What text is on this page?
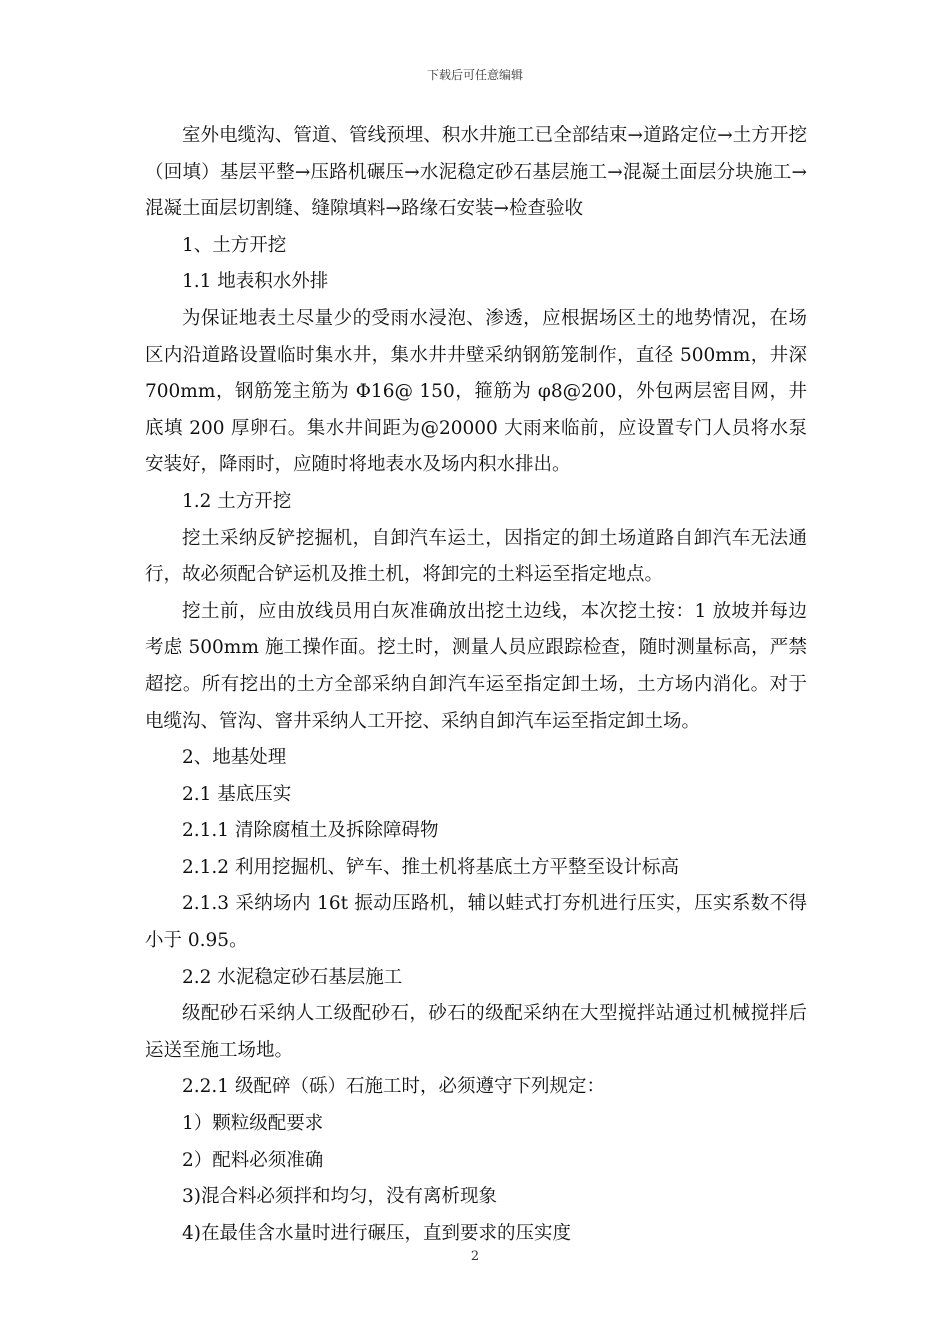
下载后可任意编辑

室外电缆沟、管道、管线预埋、积水井施工已全部结束→道路定位→土方开挖（回填）基层平整→压路机碾压→水泥稳定砂石基层施工→混凝土面层分块施工→混凝土面层切割缝、缝隙填料→路缘石安装→检查验收

1、土方开挖

1.1 地表积水外排

为保证地表土尽量少的受雨水浸泡、渗透，应根据场区土的地势情况，在场区内沿道路设置临时集水井，集水井井壁采纳钢筋笼制作，直径 500mm，井深 700mm，钢筋笼主筋为 Φ16@ 150，箍筋为 φ8@200，外包两层密目网，井底填 200 厚卵石。集水井间距为@20000 大雨来临前，应设置专门人员将水泵安装好，降雨时，应随时将地表水及场内积水排出。

1.2 土方开挖

挖土采纳反铲挖掘机，自卸汽车运土，因指定的卸土场道路自卸汽车无法通行，故必须配合铲运机及推土机，将卸完的土料运至指定地点。

挖土前，应由放线员用白灰准确放出挖土边线，本次挖土按：1 放坡并每边考虑 500mm 施工操作面。挖土时，测量人员应跟踪检查，随时测量标高，严禁超挖。所有挖出的土方全部采纳自卸汽车运至指定卸土场，土方场内消化。对于电缆沟、管沟、窨井采纳人工开挖、采纳自卸汽车运至指定卸土场。

2、地基处理

2.1 基底压实

2.1.1 清除腐植土及拆除障碍物

2.1.2 利用挖掘机、铲车、推土机将基底土方平整至设计标高

2.1.3 采纳场内 16t 振动压路机，辅以蛙式打夯机进行压实，压实系数不得小于 0.95。

2.2 水泥稳定砂石基层施工

级配砂石采纳人工级配砂石，砂石的级配采纳在大型搅拌站通过机械搅拌后运送至施工场地。

2.2.1 级配碎（砾）石施工时，必须遵守下列规定：

1）颗粒级配要求

2）配料必须准确

3)混合料必须拌和均匀，没有离析现象

4)在最佳含水量时进行碾压，直到要求的压实度

2
